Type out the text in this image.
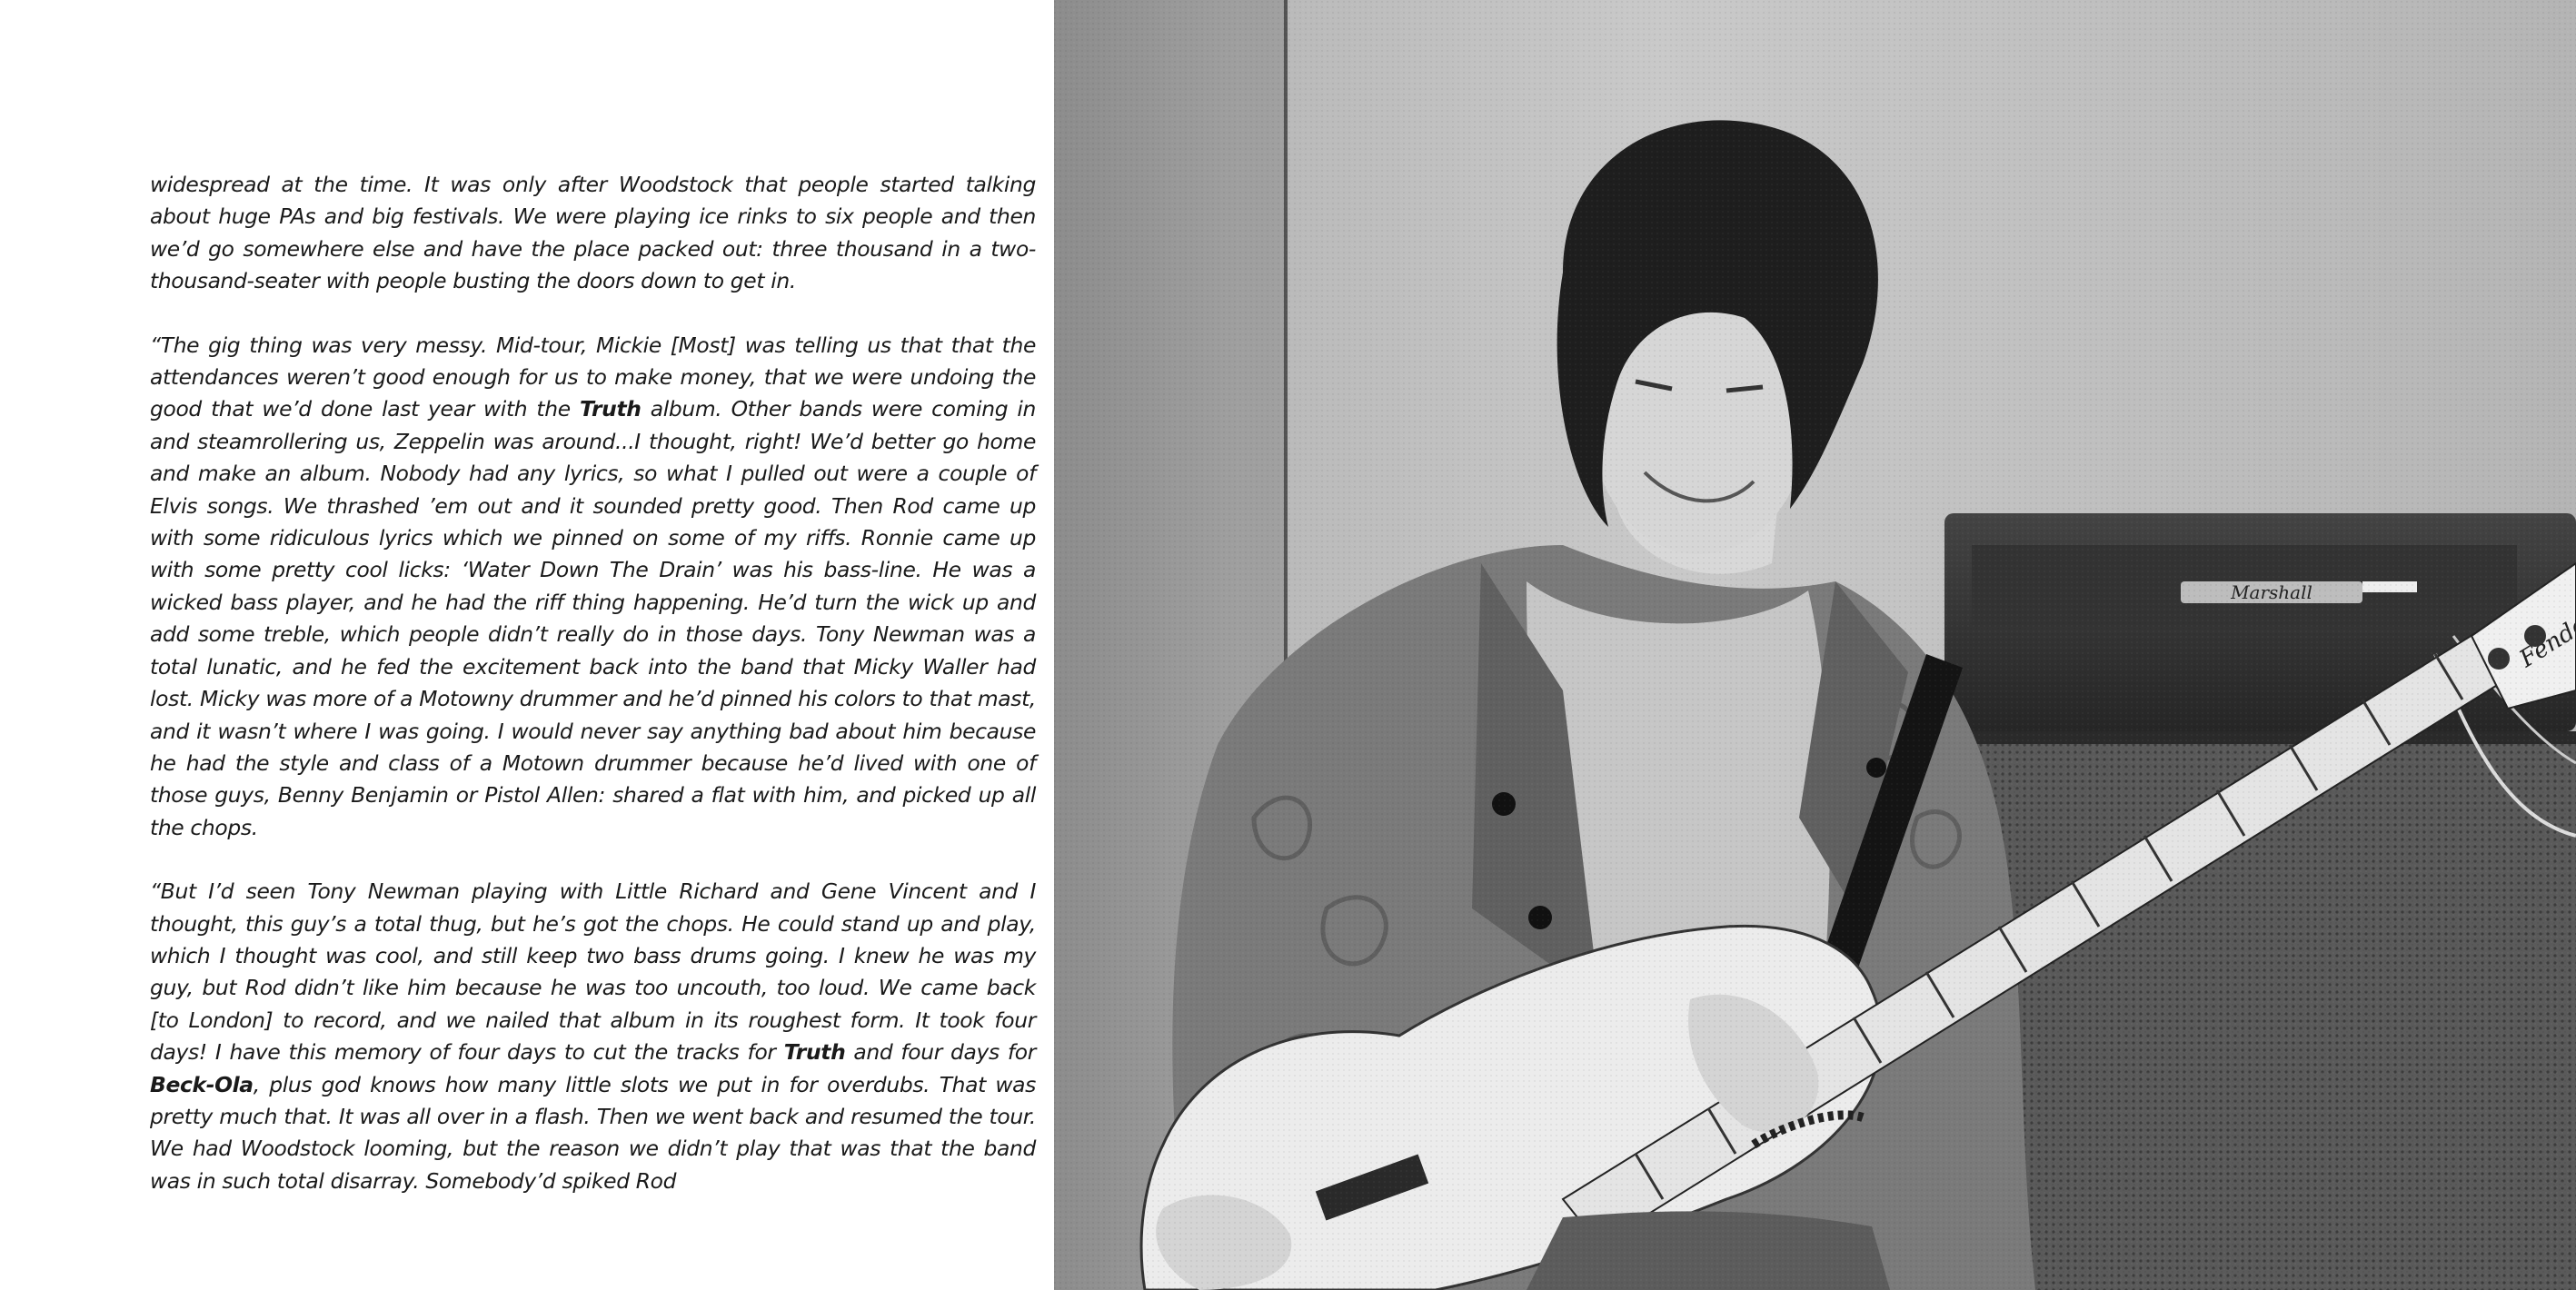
widespread at the time. It was only after Woodstock that people started talking about huge PAs and big festivals. We were playing ice rinks to six people and then we’d go somewhere else and have the place packed out: three thousand in a two-thousand-seater with people busting the doors down to get in.

“The gig thing was very messy. Mid-tour, Mickie [Most] was telling us that that the attendances weren’t good enough for us to make money, that we were undoing the good that we’d done last year with the Truth album. Other bands were coming in and steamrollering us, Zeppelin was around...I thought, right! We’d better go home and make an album. Nobody had any lyrics, so what I pulled out were a couple of Elvis songs. We thrashed ’em out and it sounded pretty good. Then Rod came up with some ridiculous lyrics which we pinned on some of my riffs. Ronnie came up with some pretty cool licks: ‘Water Down The Drain’ was his bass-line. He was a wicked bass player, and he had the riff thing happening. He’d turn the wick up and add some treble, which people didn’t really do in those days. Tony Newman was a total lunatic, and he fed the excitement back into the band that Micky Waller had lost. Micky was more of a Motowny drummer and he’d pinned his colors to that mast, and it wasn’t where I was going. I would never say anything bad about him because he had the style and class of a Motown drummer because he’d lived with one of those guys, Benny Benjamin or Pistol Allen: shared a flat with him, and picked up all the chops.

“But I’d seen Tony Newman playing with Little Richard and Gene Vincent and I thought, this guy’s a total thug, but he’s got the chops. He could stand up and play, which I thought was cool, and still keep two bass drums going. I knew he was my guy, but Rod didn’t like him because he was too uncouth, too loud. We came back [to London] to record, and we nailed that album in its roughest form. It took four days! I have this memory of four days to cut the tracks for Truth and four days for Beck-Ola, plus god knows how many little slots we put in for overdubs. That was pretty much that. It was all over in a flash. Then we went back and resumed the tour. We had Woodstock looming, but the reason we didn’t play that was that the band was in such total disarray. Somebody’d spiked Rod
